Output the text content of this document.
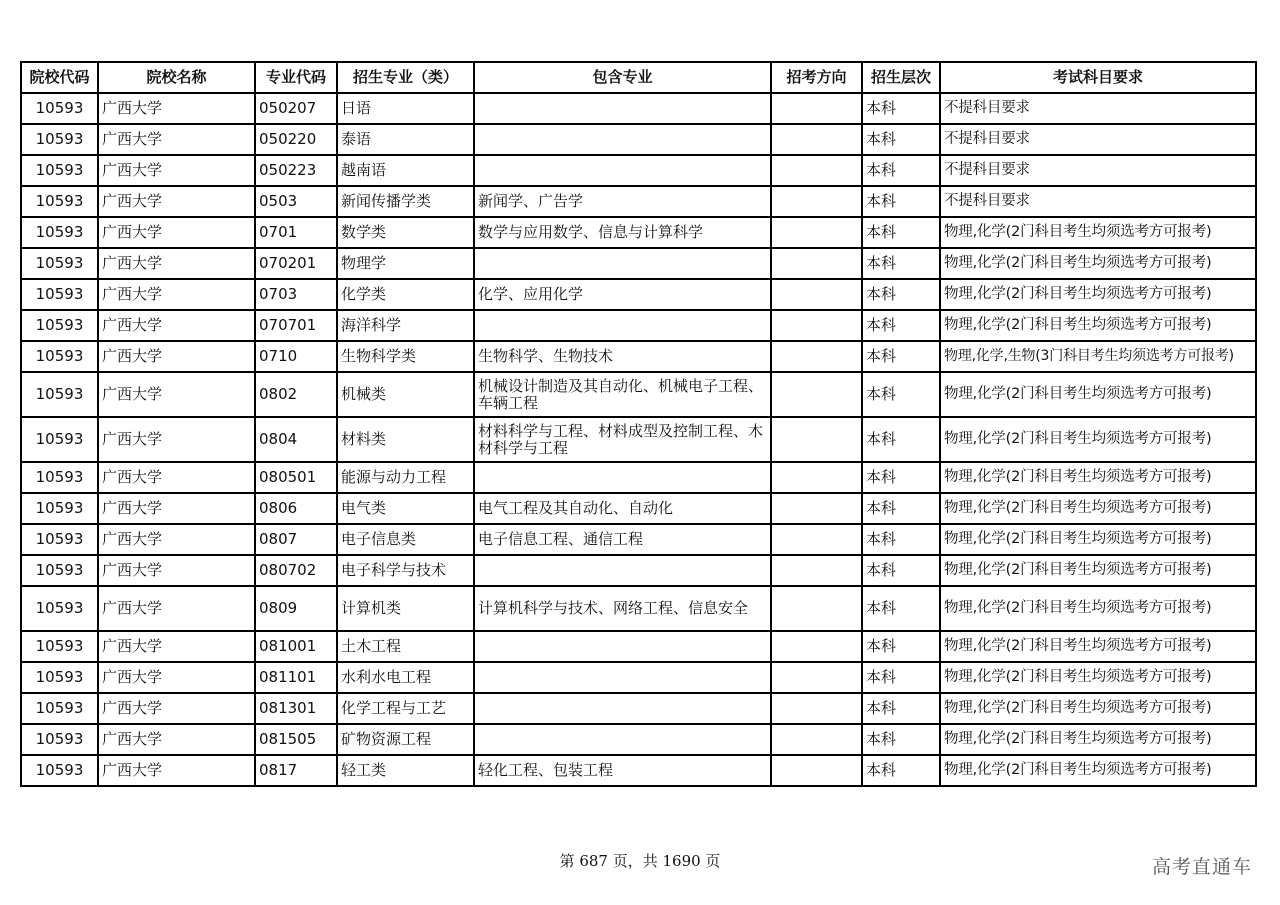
院校代码	院校名称	专业代码	招生专业（类）	包含专业	招考方向	招生层次	考试科目要求
10593	广西大学	050207	日语			本科	不提科目要求
10593	广西大学	050220	泰语			本科	不提科目要求
10593	广西大学	050223	越南语			本科	不提科目要求
10593	广西大学	0503	新闻传播学类	新闻学、广告学		本科	不提科目要求
10593	广西大学	0701	数学类	数学与应用数学、信息与计算科学		本科	物理,化学(2门科目考生均须选考方可报考)
10593	广西大学	070201	物理学			本科	物理,化学(2门科目考生均须选考方可报考)
10593	广西大学	0703	化学类	化学、应用化学		本科	物理,化学(2门科目考生均须选考方可报考)
10593	广西大学	070701	海洋科学			本科	物理,化学(2门科目考生均须选考方可报考)
10593	广西大学	0710	生物科学类	生物科学、生物技术		本科	物理,化学,生物(3门科目考生均须选考方可报考)
10593	广西大学	0802	机械类	机械设计制造及其自动化、机械电子工程、车辆工程		本科	物理,化学(2门科目考生均须选考方可报考)
10593	广西大学	0804	材料类	材料科学与工程、材料成型及控制工程、木材科学与工程		本科	物理,化学(2门科目考生均须选考方可报考)
10593	广西大学	080501	能源与动力工程			本科	物理,化学(2门科目考生均须选考方可报考)
10593	广西大学	0806	电气类	电气工程及其自动化、自动化		本科	物理,化学(2门科目考生均须选考方可报考)
10593	广西大学	0807	电子信息类	电子信息工程、通信工程		本科	物理,化学(2门科目考生均须选考方可报考)
10593	广西大学	080702	电子科学与技术			本科	物理,化学(2门科目考生均须选考方可报考)
10593	广西大学	0809	计算机类	计算机科学与技术、网络工程、信息安全		本科	物理,化学(2门科目考生均须选考方可报考)
10593	广西大学	081001	土木工程			本科	物理,化学(2门科目考生均须选考方可报考)
10593	广西大学	081101	水利水电工程			本科	物理,化学(2门科目考生均须选考方可报考)
10593	广西大学	081301	化学工程与工艺			本科	物理,化学(2门科目考生均须选考方可报考)
10593	广西大学	081505	矿物资源工程			本科	物理,化学(2门科目考生均须选考方可报考)
10593	广西大学	0817	轻工类	轻化工程、包装工程		本科	物理,化学(2门科目考生均须选考方可报考)
第 687 页，共 1690 页	高考直通车
